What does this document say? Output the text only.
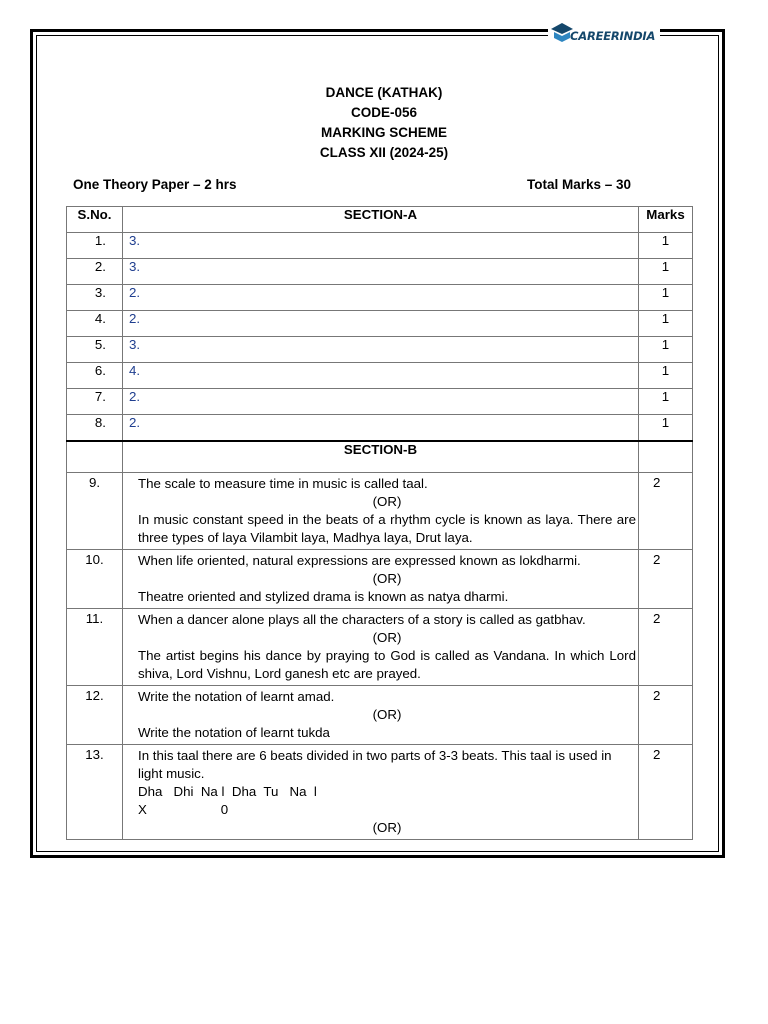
CAREERINDIA
DANCE (KATHAK)
CODE-056
MARKING SCHEME
CLASS XII (2024-25)
One Theory Paper – 2 hrs	Total Marks – 30
S.No.	SECTION-A	Marks
1.	3.	1
2.	3.	1
3.	2.	1
4.	2.	1
5.	3.	1
6.	4.	1
7.	2.	1
8.	2.	1
	SECTION-B	
9.	The scale to measure time in music is called taal.
(OR)
In music constant speed in the beats of a rhythm cycle is known as laya. There are three types of laya Vilambit laya, Madhya laya, Drut laya.	2
10.	When life oriented, natural expressions are expressed known as lokdharmi.
(OR)
Theatre oriented and stylized drama is known as natya dharmi.	2
11.	When a dancer alone plays all the characters of a story is called as gatbhav.
(OR)
The artist begins his dance by praying to God is called as Vandana. In which Lord shiva, Lord Vishnu, Lord ganesh etc are prayed.	2
12.	Write the notation of learnt amad.
(OR)
Write the notation of learnt tukda	2
13.	In this taal there are 6 beats divided in two parts of 3-3 beats. This taal is used in light music.
Dha   Dhi  Na l  Dha  Tu   Na  l
X                    0
(OR)	2
